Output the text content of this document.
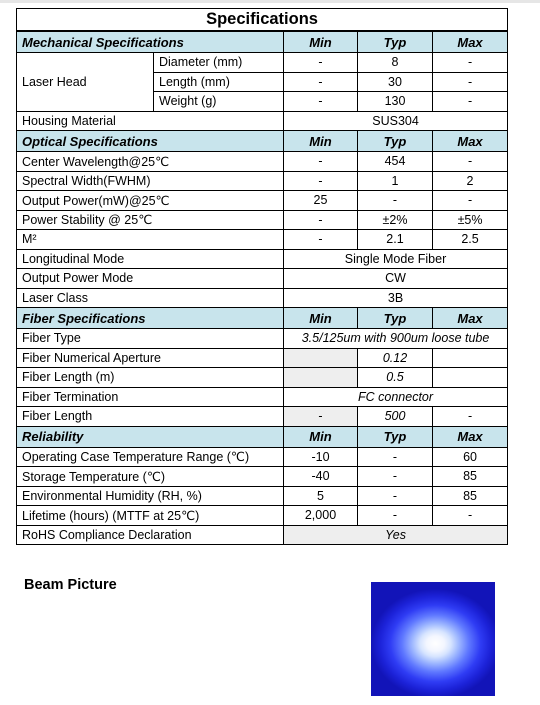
Specifications				
Mechanical Specifications		Min	Typ	Max
Laser Head	Diameter (mm)	-	8	-
	Length (mm)	-	30	-
	Weight (g)	-	130	-
Housing Material		SUS304		
Optical Specifications		Min	Typ	Max
Center Wavelength@25℃		-	454	-
Spectral Width(FWHM)		-	1	2
Output Power(mW)@25℃		25	-	-
Power Stability @ 25℃		-	±2%	±5%
M²		-	2.1	2.5
Longitudinal Mode		Single Mode Fiber		
Output Power Mode		CW		
Laser Class		3B		
Fiber Specifications		Min	Typ	Max
Fiber Type		3.5/125um with 900um loose tube		
Fiber Numerical Aperture			0.12	
Fiber Length (m)			0.5	
Fiber Termination		FC connector		
Fiber Length		-	500	-
Reliability		Min	Typ	Max
Operating Case Temperature Range (℃)		-10	-	60
Storage Temperature (℃)		-40	-	85
Environmental Humidity (RH, %)		5	-	85
Lifetime (hours) (MTTF at 25℃)		2,000	-	-
RoHS Compliance Declaration		Yes		
Beam Picture
